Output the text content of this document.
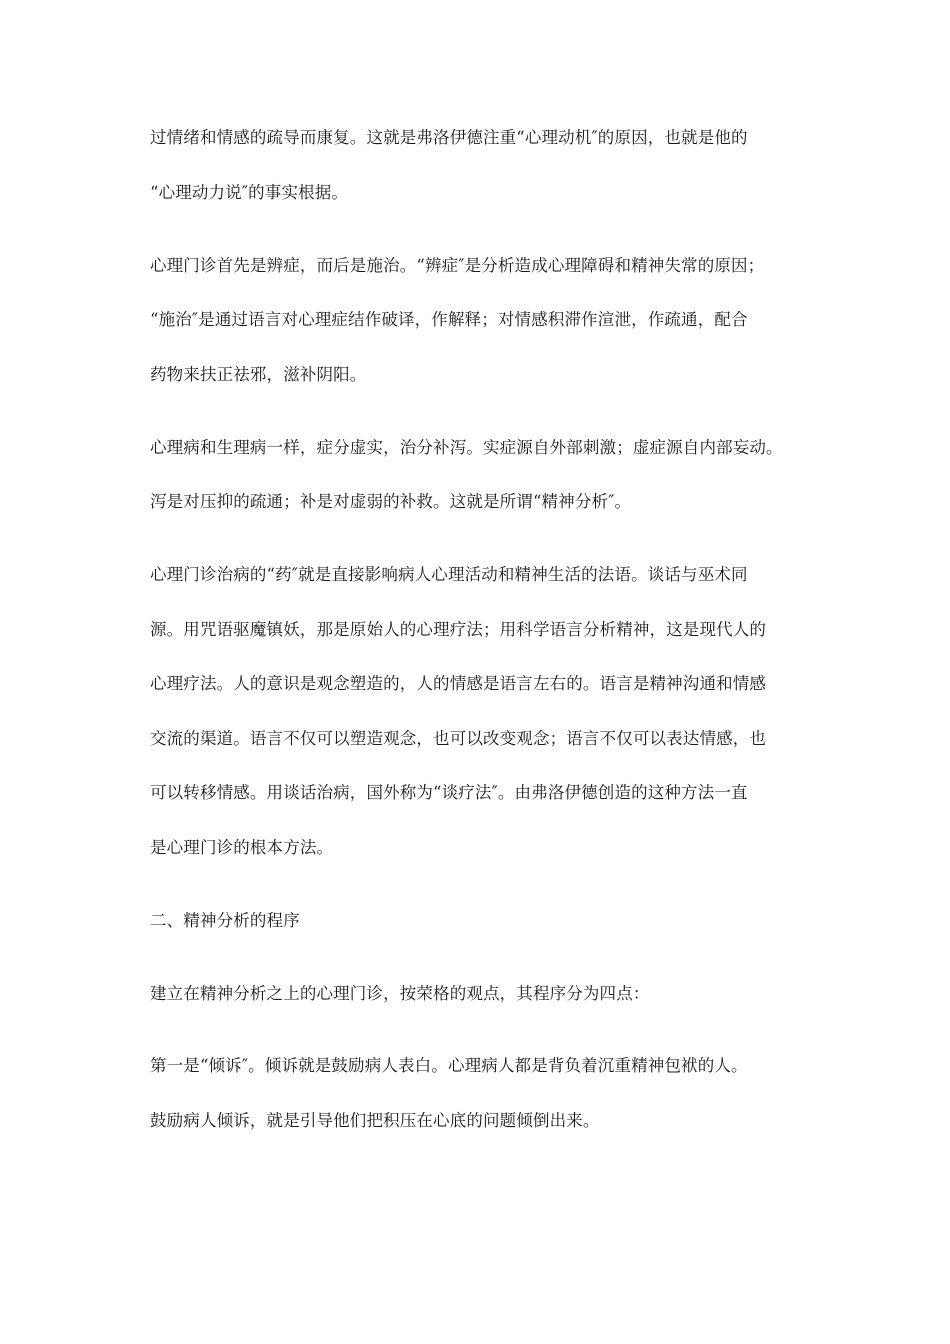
过情绪和情感的疏导而康复。这就是弗洛伊德注重“心理动机″的原因，也就是他的
“心理动力说″的事实根据。
心理门诊首先是辨症，而后是施治。“辨症″是分析造成心理障碍和精神失常的原因；
“施治″是通过语言对心理症结作破译，作解释；对情感积滞作渲泄，作疏通，配合
药物来扶正祛邪，滋补阴阳。
心理病和生理病一样，症分虚实，治分补泻。实症源自外部刺激；虚症源自内部妄动。
泻是对压抑的疏通；补是对虚弱的补救。这就是所谓“精神分析″。
心理门诊治病的“药″就是直接影响病人心理活动和精神生活的法语。谈话与巫术同
源。用咒语驱魔镇妖，那是原始人的心理疗法；用科学语言分析精神，这是现代人的
心理疗法。人的意识是观念塑造的，人的情感是语言左右的。语言是精神沟通和情感
交流的渠道。语言不仅可以塑造观念，也可以改变观念；语言不仅可以表达情感，也
可以转移情感。用谈话治病，国外称为“谈疗法″。由弗洛伊德创造的这种方法一直
是心理门诊的根本方法。
二、精神分析的程序
建立在精神分析之上的心理门诊，按荣格的观点，其程序分为四点：
第一是“倾诉″。倾诉就是鼓励病人表白。心理病人都是背负着沉重精神包袱的人。
鼓励病人倾诉，就是引导他们把积压在心底的问题倾倒出来。
